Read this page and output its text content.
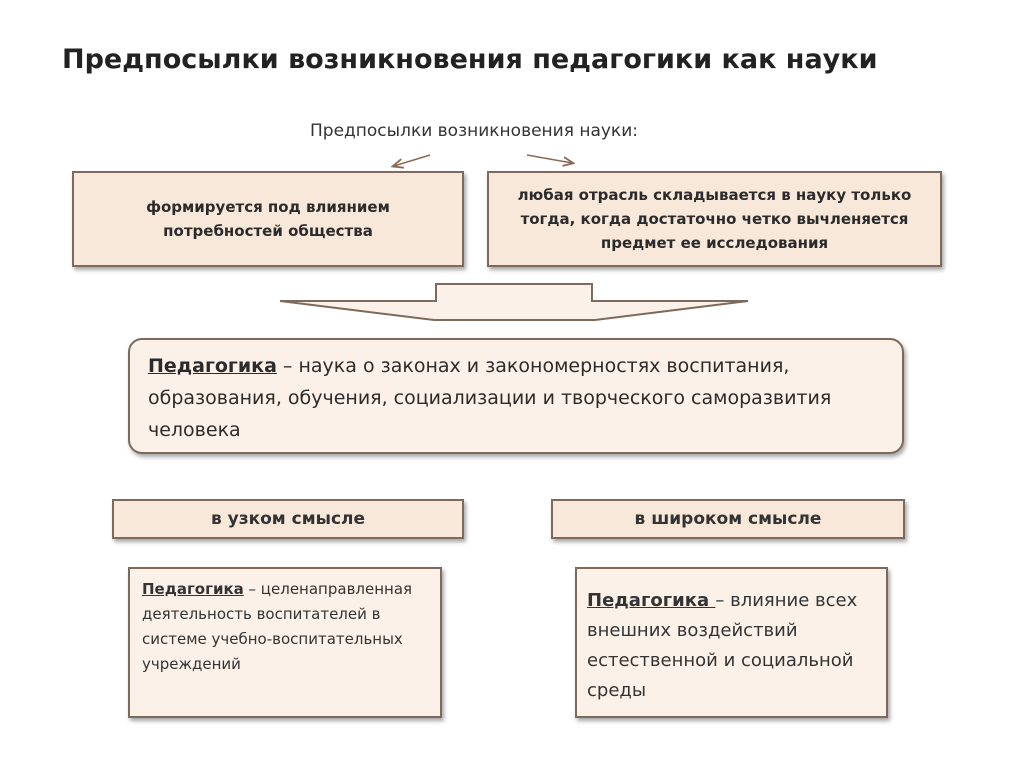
Предпосылки возникновения педагогики как науки
Предпосылки возникновения науки:
формируется под влиянием потребностей общества
любая отрасль складывается в науку только тогда, когда достаточно четко вычленяется предмет ее исследования
Педагогика – наука о законах и закономерностях воспитания, образования, обучения, социализации и творческого саморазвития человека
в узком смысле	в широком смысле
Педагогика – целенаправленная деятельность воспитателей в системе учебно-воспитательных учреждений
Педагогика – влияние всех внешних воздействий естественной и социальной среды
